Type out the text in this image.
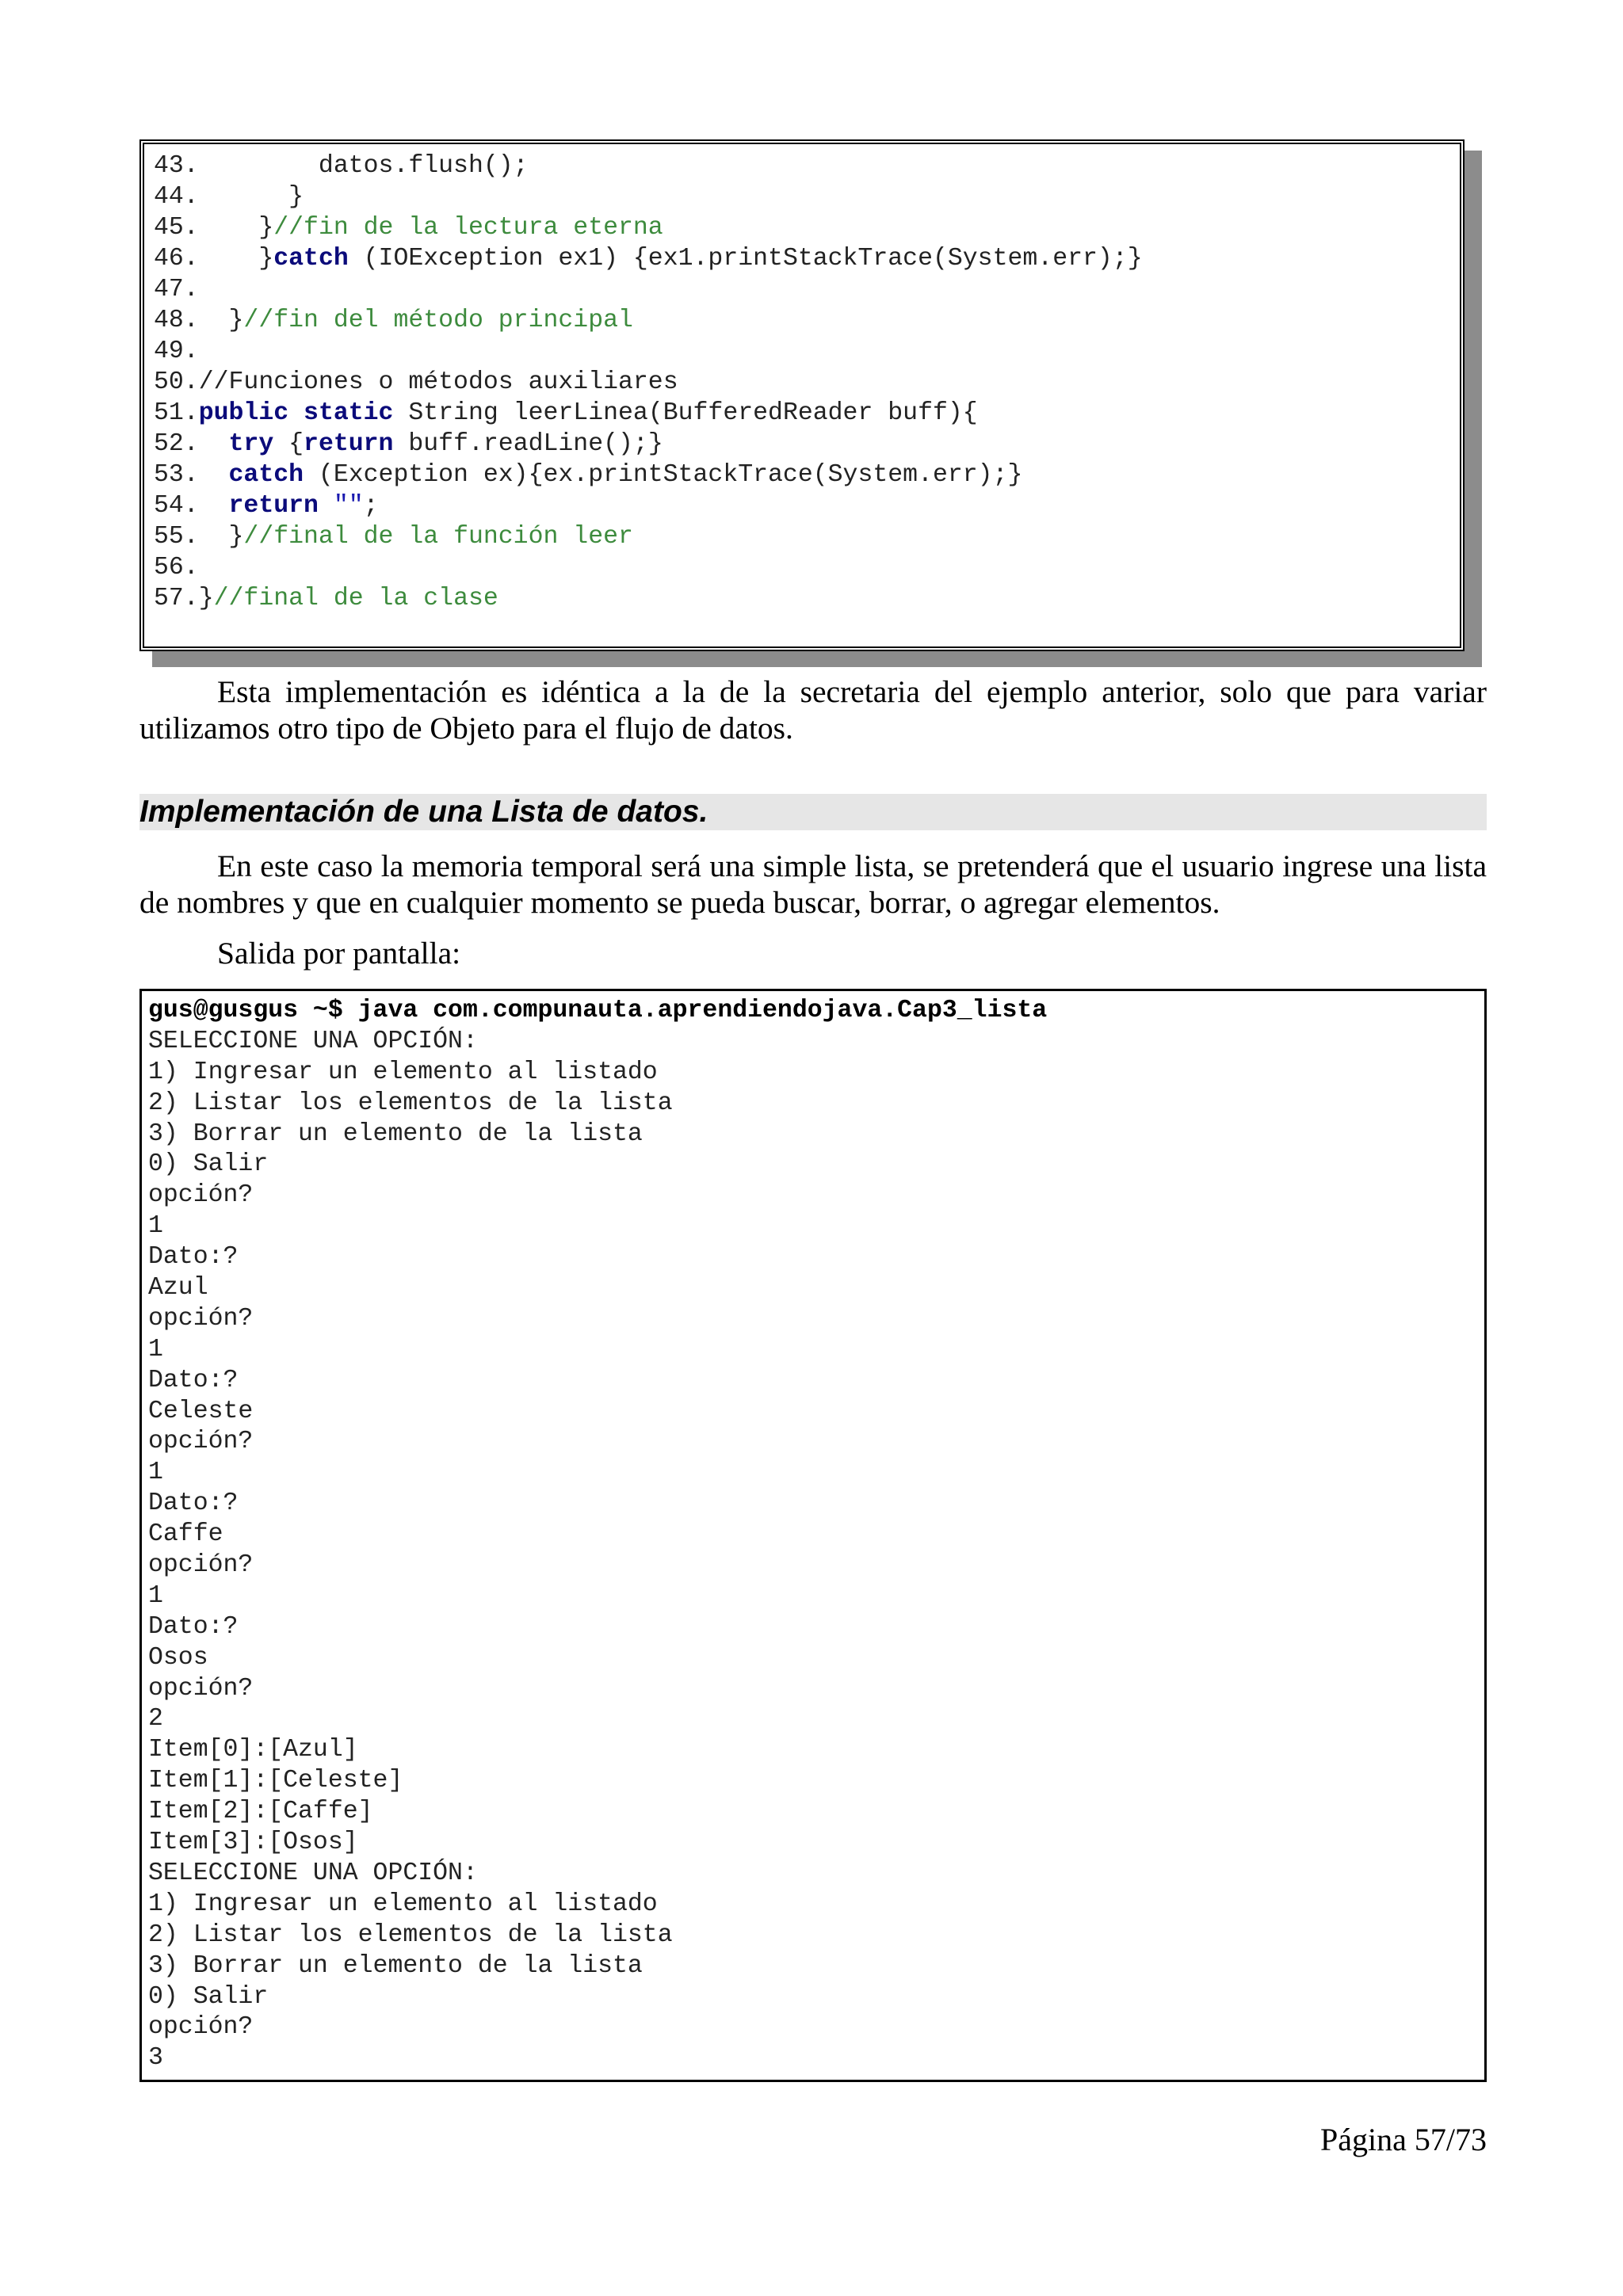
43.        datos.flush();
44.      }
45.    }//fin de la lectura eterna
46.    }catch (IOException ex1) {ex1.printStackTrace(System.err);}
47.
48.  }//fin del método principal
49.
50.//Funciones o métodos auxiliares
51.public static String leerLinea(BufferedReader buff){
52.  try {return buff.readLine();}
53.  catch (Exception ex){ex.printStackTrace(System.err);}
54.  return "";
55.  }//final de la función leer
56.
57.}//final de la clase

Esta implementación es idéntica a la de la secretaria del ejemplo anterior, solo que para variar utilizamos otro tipo de Objeto para el flujo de datos.

Implementación de una Lista de datos.

En este caso la memoria temporal será una simple lista, se pretenderá que el usuario ingrese una lista de nombres y que en cualquier momento se pueda buscar, borrar, o agregar elementos.

Salida por pantalla:

gus@gusgus ~$ java com.compunauta.aprendiendojava.Cap3_lista
SELECCIONE UNA OPCIÓN:
1) Ingresar un elemento al listado
2) Listar los elementos de la lista
3) Borrar un elemento de la lista
0) Salir
opción?
1
Dato:?
Azul
opción?
1
Dato:?
Celeste
opción?
1
Dato:?
Caffe
opción?
1
Dato:?
Osos
opción?
2
Item[0]:[Azul]
Item[1]:[Celeste]
Item[2]:[Caffe]
Item[3]:[Osos]
SELECCIONE UNA OPCIÓN:
1) Ingresar un elemento al listado
2) Listar los elementos de la lista
3) Borrar un elemento de la lista
0) Salir
opción?
3

Página 57/73
